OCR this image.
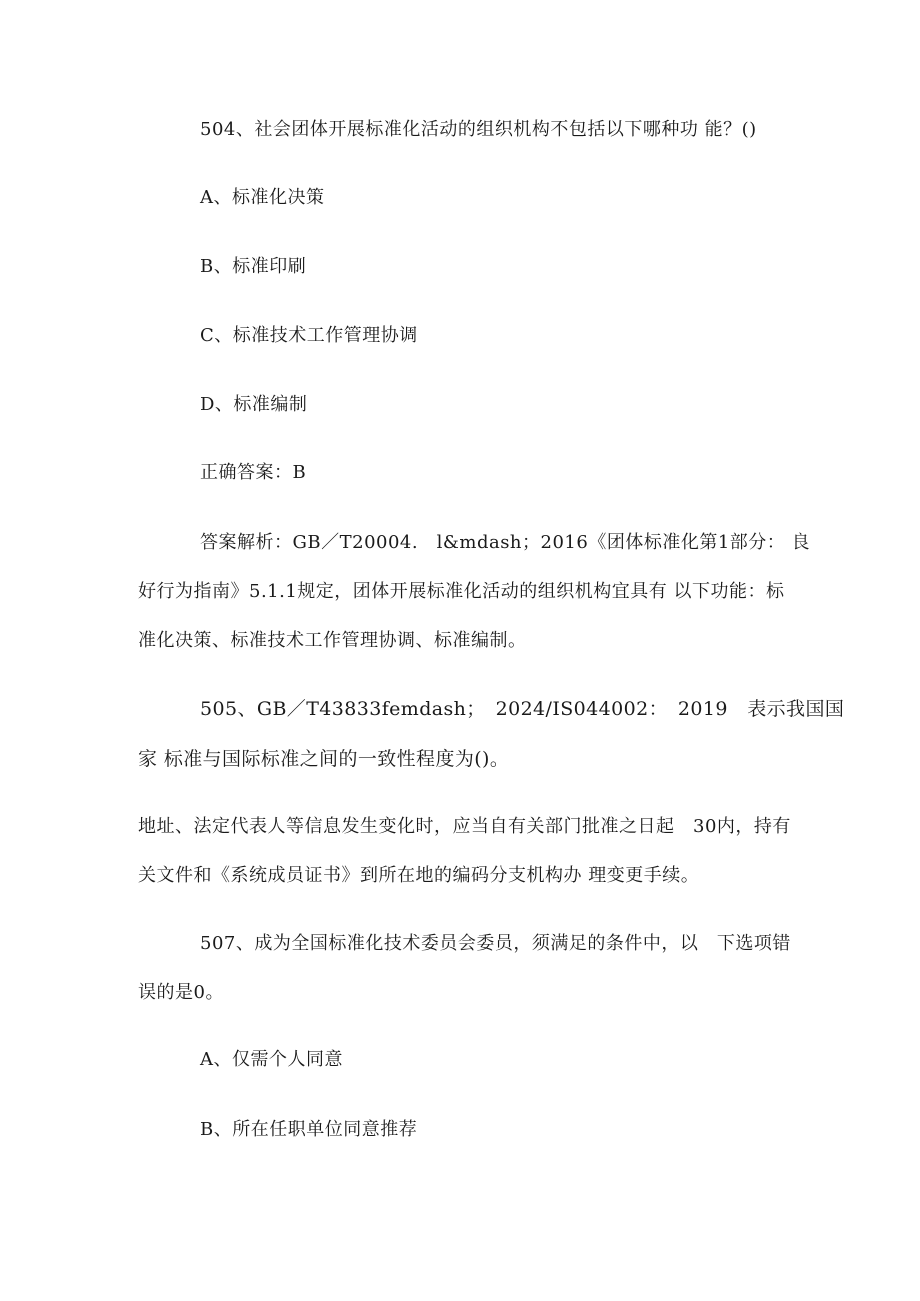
504、社会团体开展标准化活动的组织机构不包括以下哪种功 能？()
A、标准化决策
B、标准印刷
C、标准技术工作管理协调
D、标准编制
正确答案：B
答案解析：GB／T20004.　l&mdash；2016《团体标准化第1部分： 良
好行为指南》5.1.1规定，团体开展标准化活动的组织机构宜具有 以下功能：标
准化决策、标准技术工作管理协调、标准编制。
505、GB／T43833femdash；　2024/IS044002：　2019　表示我国国
家 标准与国际标准之间的一致性程度为()。
地址、法定代表人等信息发生变化时，应当自有关部门批准之日起　30内，持有
关文件和《系统成员证书》到所在地的编码分支机构办 理变更手续。
507、成为全国标准化技术委员会委员，须满足的条件中，以　下选项错
误的是0。
A、仅需个人同意
B、所在任职单位同意推荐
